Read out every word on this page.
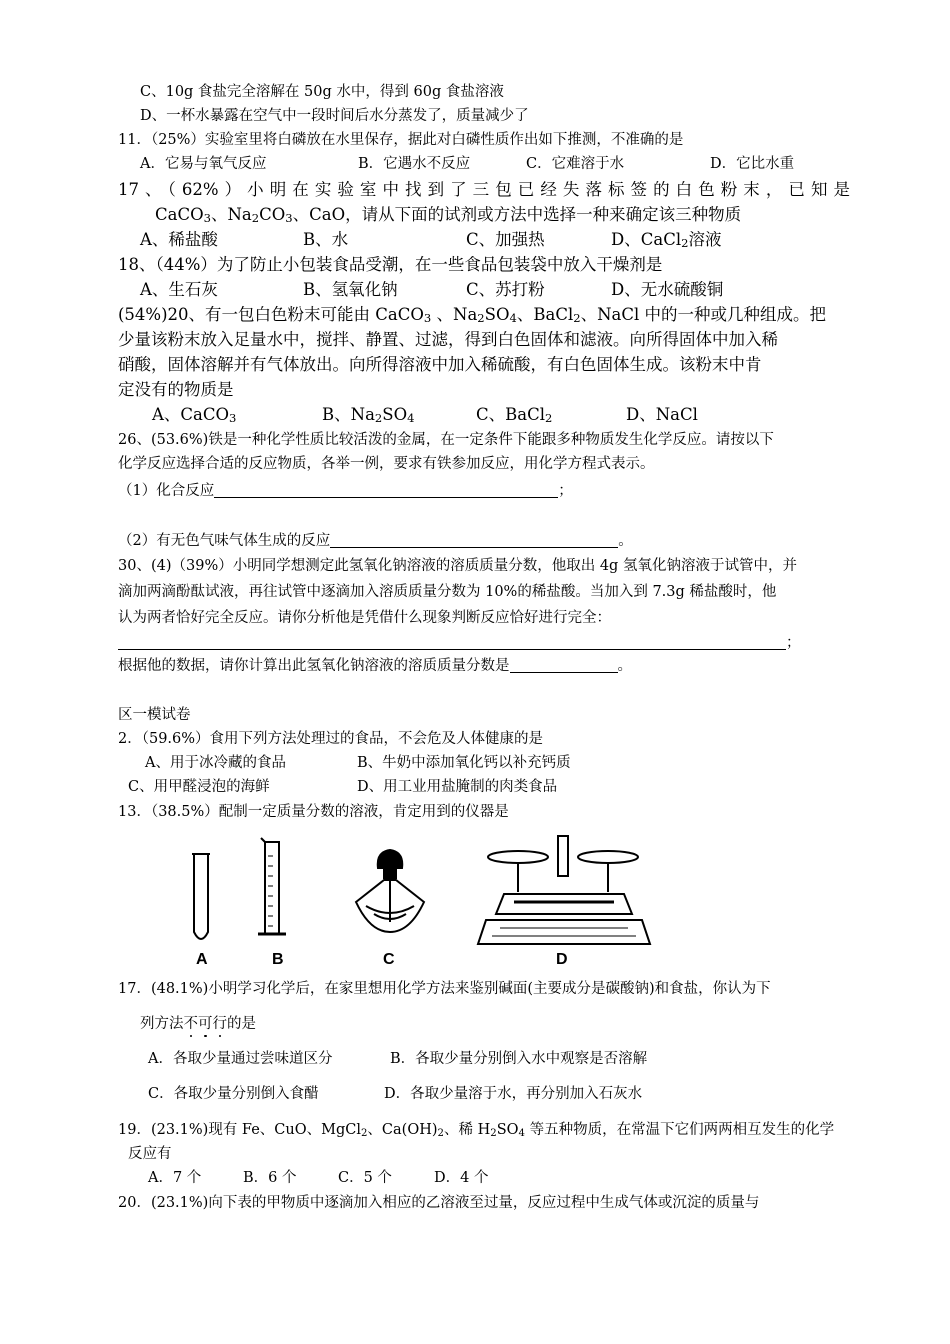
C、10g 食盐完全溶解在 50g 水中，得到 60g 食盐溶液
D、一杯水暴露在空气中一段时间后水分蒸发了，质量减少了
11．（25%）实验室里将白磷放在水里保存，据此对白磷性质作出如下推测，不准确的是
A．它易与氧气反应	B．它遇水不反应	C．它难溶于水	D．它比水重
17、（62%）小明在实验室中找到了三包已经失落标签的白色粉末，已知是
CaCO$_3$、$Na_2CO_3$、CaO，请从下面的试剂或方法中选择一种来确定该三种物质
A、稀盐酸	B、水	C、加强热	D、CaCl$_2$溶液
18、（44%）为了防止小包装食品受潮，在一些食品包装袋中放入干燥剂是
A、生石灰	B、氢氧化钠	C、苏打粉	D、无水硫酸铜
(54%)20、有一包白色粉末可能由 CaCO$_3$ 、$Na_2SO_4$、BaCl$_2$、NaCl 中的一种或几种组成。把
少量该粉末放入足量水中，搅拌、静置、过滤，得到白色固体和滤液。向所得固体中加入稀
硝酸，固体溶解并有气体放出。向所得溶液中加入稀硫酸，有白色固体生成。该粉末中肯
定没有的物质是
A、CaCO$_3$	B、$Na_2SO_4$	C、BaCl$_2$	D、NaCl
26、(53.6%)铁是一种化学性质比较活泼的金属，在一定条件下能跟多种物质发生化学反应。请按以下
化学反应选择合适的反应物质，各举一例，要求有铁参加反应，用化学方程式表示。
（1）化合反应	；
（2）有无色气味气体生成的反应	。
30、(4)（39%）小明同学想测定此氢氧化钠溶液的溶质质量分数，他取出 4g 氢氧化钠溶液于试管中，并
滴加两滴酚酞试液，再往试管中逐滴加入溶质质量分数为 10%的稀盐酸。当加入到 7.3g 稀盐酸时，他
认为两者恰好完全反应。请你分析他是凭借什么现象判断反应恰好进行完全：
；
根据他的数据，请你计算出此氢氧化钠溶液的溶质质量分数是	。
区一模试卷
2．（59.6%）食用下列方法处理过的食品，不会危及人体健康的是
A、用于冰冷藏的食品	B、牛奶中添加氧化钙以补充钙质
C、用甲醛浸泡的海鲜	D、用工业用盐腌制的肉类食品
13．（38.5%）配制一定质量分数的溶液，肯定用到的仪器是
A	B	C	D
17．(48.1%)小明学习化学后，在家里想用化学方法来鉴别碱面(主要成分是碳酸钠)和食盐，你认为下
列方法不可行的是
A．各取少量通过尝味道区分	B．各取少量分别倒入水中观察是否溶解
C．各取少量分别倒入食醋	D．各取少量溶于水，再分别加入石灰水
19．(23.1%)现有 Fe、CuO、MgCl$_2$、$Ca(OH)_2$、稀 $H_2SO_4$ 等五种物质，在常温下它们两两相互发生的化学
反应有
A．7 个	B．6 个	C．5 个	D．4 个
20．(23.1%)向下表的甲物质中逐滴加入相应的乙溶液至过量，反应过程中生成气体或沉淀的质量与
